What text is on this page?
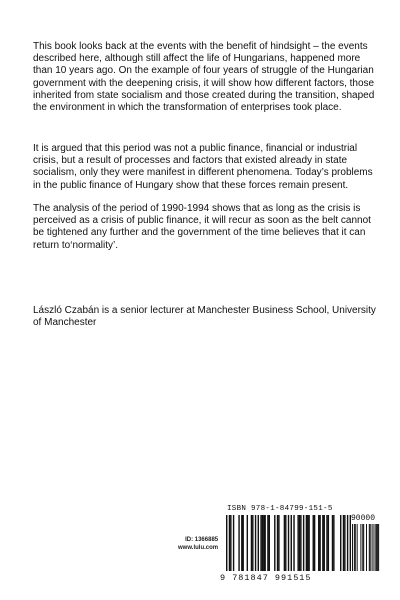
This book looks back at the events with the benefit of hindsight – the events described here, although still affect the life of Hungarians, happened more than 10 years ago. On the example of four years of struggle of the Hungarian government with the deepening crisis, it will show how different factors, those inherited from state socialism and those created during the transition, shaped the environment in which the transformation of enterprises took place.

It is argued that this period was not a public finance, financial or industrial crisis, but a result of processes and factors that existed already in state socialism, only they were manifest in different phenomena. Today’s problems in the public finance of Hungary show that these forces remain present.

The analysis of the period of 1990-1994 shows that as long as the crisis is perceived as a crisis of public finance, it will recur as soon as the belt cannot be tightened any further and the government of the time believes that it can return to‘normality’.

László Czabán is a senior lecturer at Manchester Business School, University of Manchester

ID: 1366885
www.lulu.com
ISBN 978-1-84799-151-5
90000
9 781847 991515
